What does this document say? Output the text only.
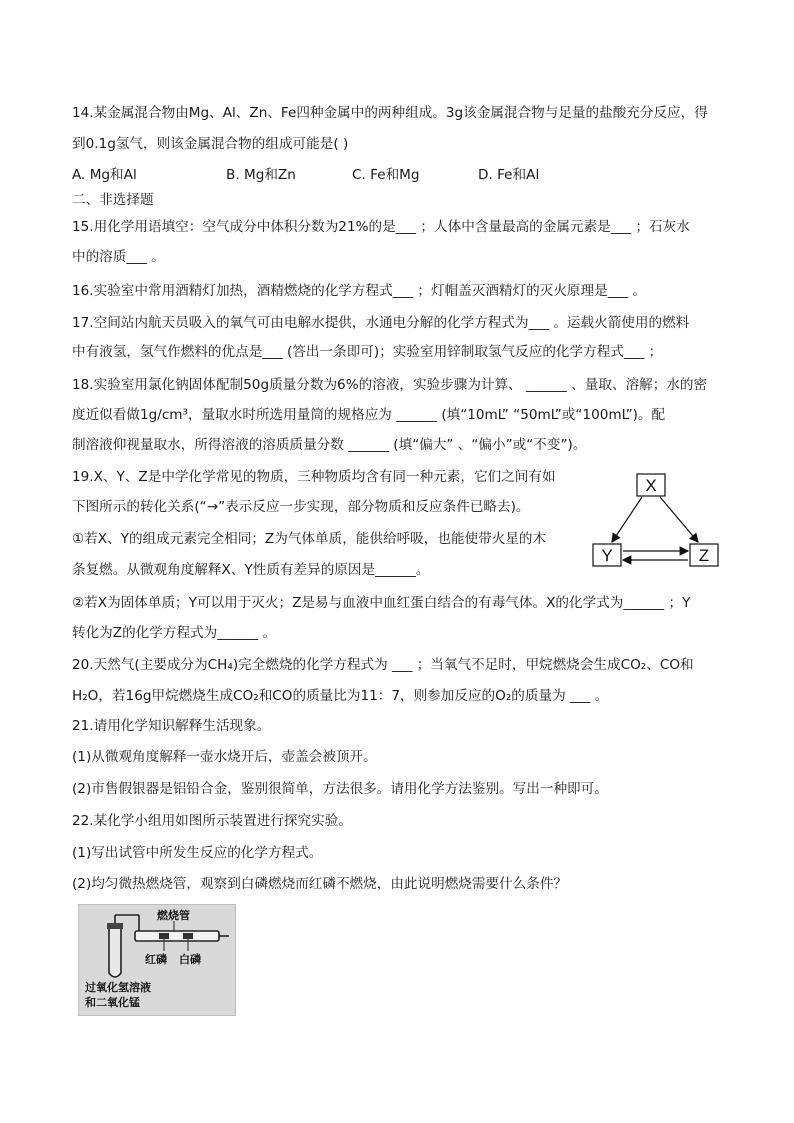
14.某金属混合物由Mg、Al、Zn、Fe四种金属中的两种组成。3g该金属混合物与足量的盐酸充分反应，得
到0.1g氢气，则该金属混合物的组成可能是( )
A. Mg和Al	B. Mg和Zn	C. Fe和Mg	D. Fe和Al
二、非选择题
15.用化学用语填空：空气成分中体积分数为21%的是___ ；人体中含量最高的金属元素是___ ；石灰水
中的溶质___ 。
16.实验室中常用酒精灯加热，酒精燃烧的化学方程式___ ；灯帽盖灭酒精灯的灭火原理是___ 。
17.空间站内航天员吸入的氧气可由电解水提供，水通电分解的化学方程式为___ 。运载火箭使用的燃料
中有液氢，氢气作燃料的优点是___ (答出一条即可)；实验室用锌制取氢气反应的化学方程式___ ；
18.实验室用氯化钠固体配制50g质量分数为6%的溶液，实验步骤为计算、 ______ 、量取、溶解；水的密
度近似看做1g/cm³，量取水时所选用量筒的规格应为 ______ (填“10mL” “50mL”或“100mL”)。配
制溶液仰视量取水，所得溶液的溶质质量分数 ______ (填“偏大” 、“偏小”或“不变”)。
19.X、Y、Z是中学化学常见的物质，三种物质均含有同一种元素，它们之间有如
下图所示的转化关系(“→”表示反应一步实现，部分物质和反应条件已略去)。
①若X、Y的组成元素完全相同；Z为气体单质，能供给呼吸，也能使带火星的木
条复燃。从微观角度解释X、Y性质有差异的原因是______。
②若X为固体单质；Y可以用于灭火；Z是易与血液中血红蛋白结合的有毒气体。X的化学式为______ ；Y
转化为Z的化学方程式为______ 。
X
Y	Z
20.天然气(主要成分为CH₄)完全燃烧的化学方程式为 ___ ；当氧气不足时，甲烷燃烧会生成CO₂、CO和
H₂O，若16g甲烷燃烧生成CO₂和CO的质量比为11：7，则参加反应的O₂的质量为 ___ 。
21.请用化学知识解释生活现象。
(1)从微观角度解释一壶水烧开后，壶盖会被顶开。
(2)市售假银器是铝铅合金，鉴别很简单，方法很多。请用化学方法鉴别。写出一种即可。
22.某化学小组用如图所示装置进行探究实验。
(1)写出试管中所发生反应的化学方程式。
(2)均匀微热燃烧管，观察到白磷燃烧而红磷不燃烧，由此说明燃烧需要什么条件？
燃烧管
红磷 白磷
过氧化氢溶液
和二氧化锰
